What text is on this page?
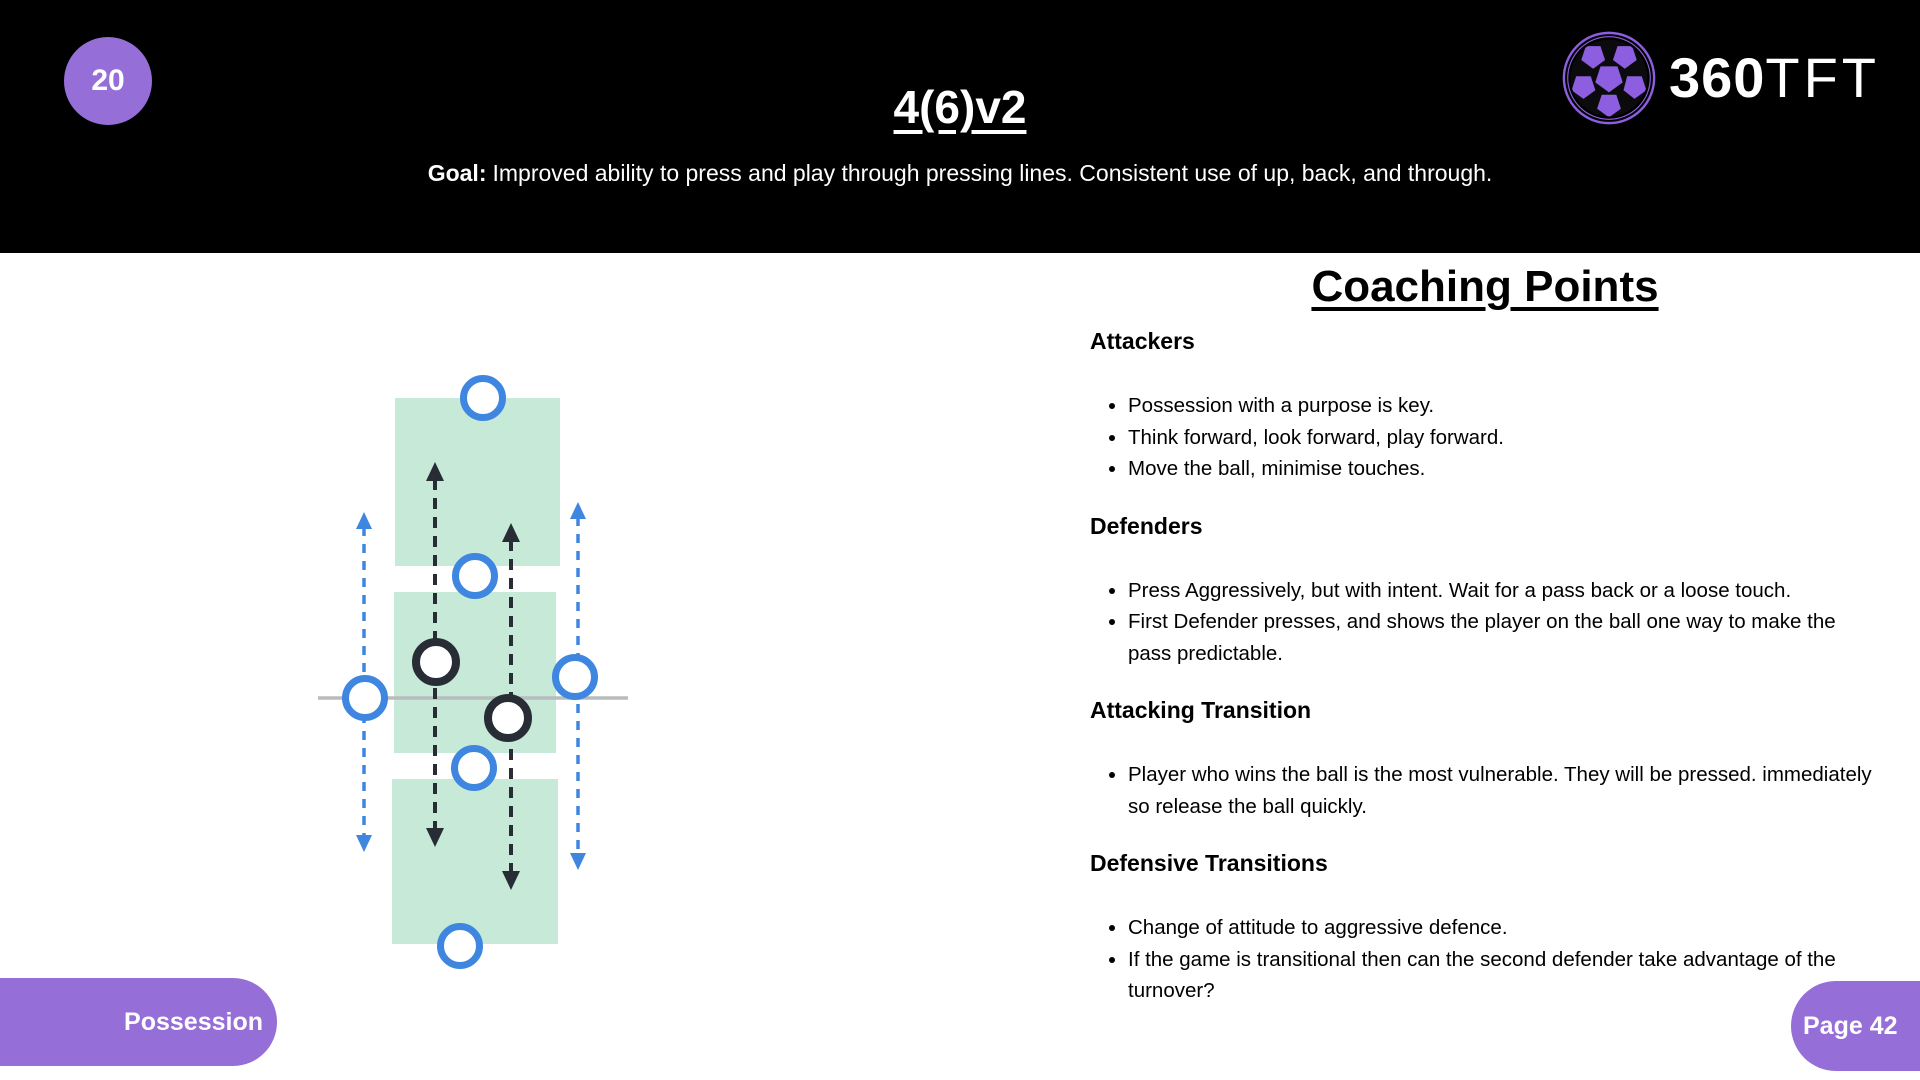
20
4(6)v2
Goal: Improved ability to press and play through pressing lines. Consistent use of up, back, and through.
360TFT
Coaching Points
Attackers
• Possession with a purpose is key.
• Think forward, look forward, play forward.
• Move the ball, minimise touches.
Defenders
• Press Aggressively, but with intent. Wait for a pass back or a loose touch.
• First Defender presses, and shows the player on the ball one way to make the pass predictable.
Attacking Transition
• Player who wins the ball is the most vulnerable. They will be pressed. immediately so release the ball quickly.
Defensive Transitions
• Change of attitude to aggressive defence.
• If the game is transitional then can the second defender take advantage of the turnover?
Possession	Page 42
